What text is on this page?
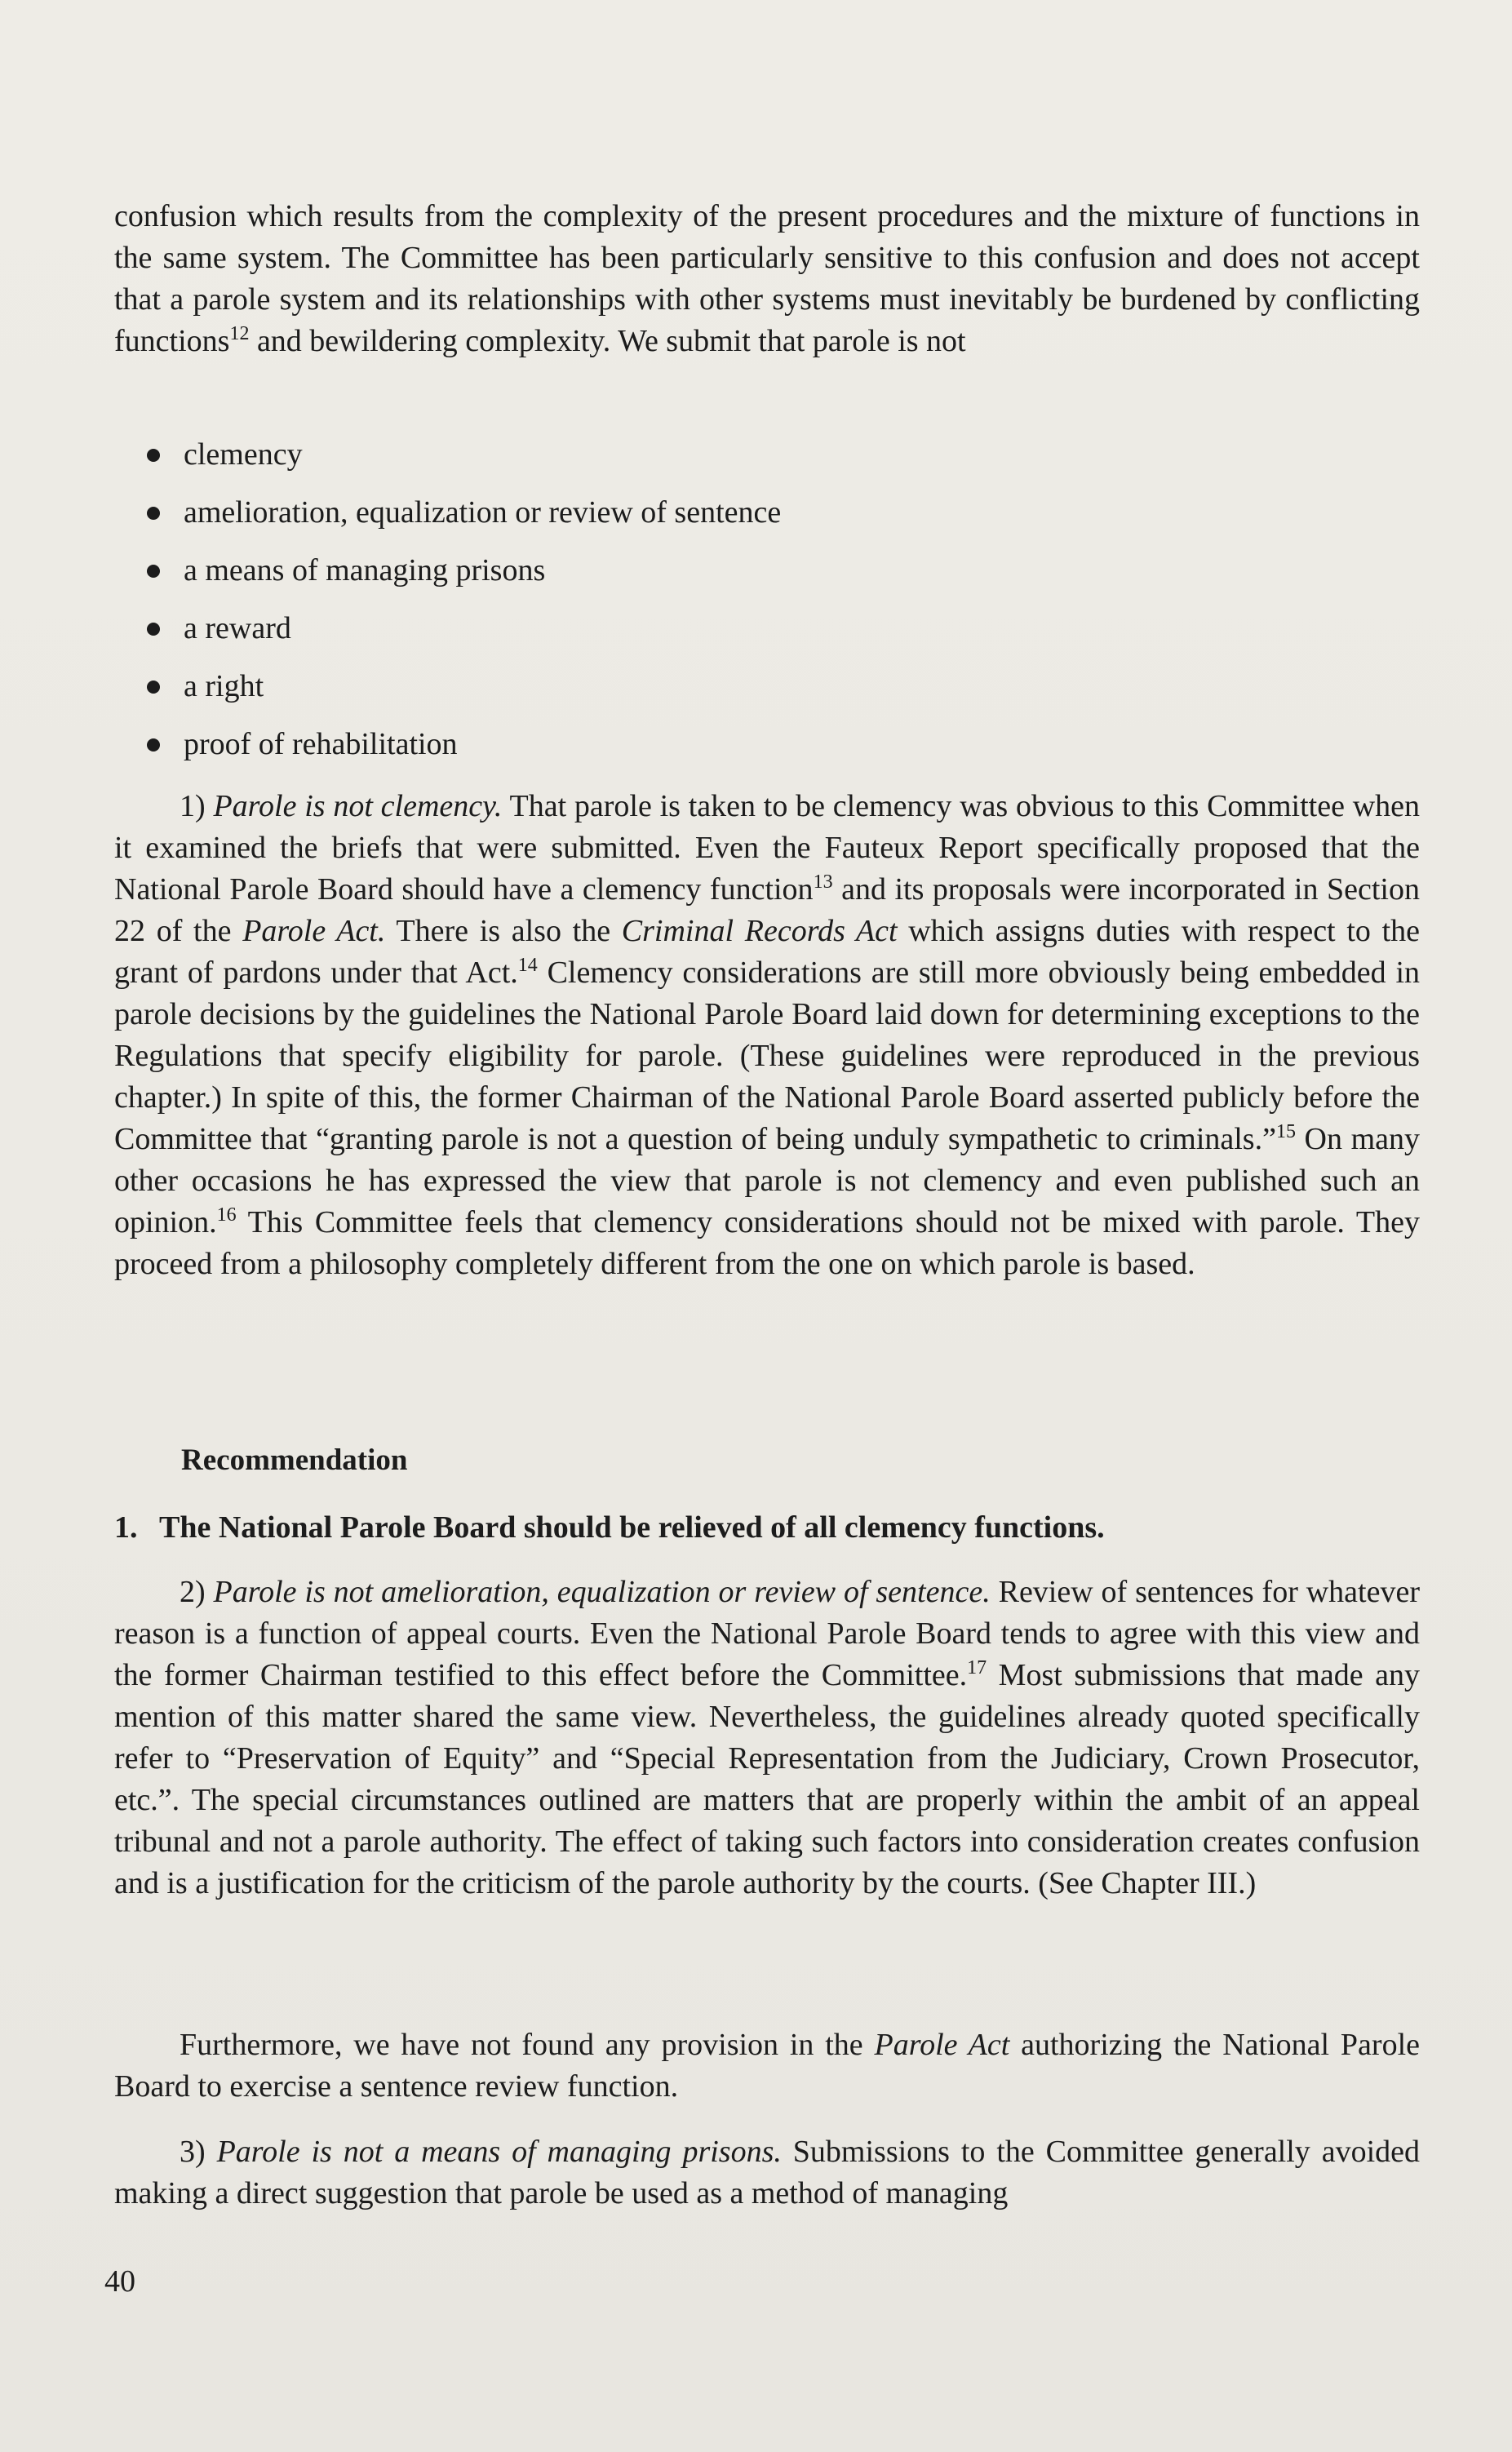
confusion which results from the complexity of the present procedures and the mixture of functions in the same system. The Committee has been particularly sensitive to this confusion and does not accept that a parole system and its relationships with other systems must inevitably be burdened by conflicting functions$^{12}$ and bewildering complexity. We submit that parole is not

clemency
amelioration, equalization or review of sentence
a means of managing prisons
a reward
a right
proof of rehabilitation

1) Parole is not clemency. That parole is taken to be clemency was obvious to this Committee when it examined the briefs that were submitted. Even the Fauteux Report specifically proposed that the National Parole Board should have a clemency function$^{13}$ and its proposals were incorporated in Section 22 of the Parole Act. There is also the Criminal Records Act which assigns duties with respect to the grant of pardons under that Act.$^{14}$ Clemency considerations are still more obviously being embedded in parole decisions by the guidelines the National Parole Board laid down for determining exceptions to the Regulations that specify eligibility for parole. (These guidelines were reproduced in the previous chapter.) In spite of this, the former Chairman of the National Parole Board asserted publicly before the Committee that “granting parole is not a question of being unduly sympathetic to criminals.”$^{15}$ On many other occasions he has expressed the view that parole is not clemency and even published such an opinion.$^{16}$ This Committee feels that clemency considerations should not be mixed with parole. They proceed from a philosophy completely different from the one on which parole is based.

Recommendation

1. The National Parole Board should be relieved of all clemency functions.

2) Parole is not amelioration, equalization or review of sentence. Review of sentences for whatever reason is a function of appeal courts. Even the National Parole Board tends to agree with this view and the former Chairman testified to this effect before the Committee.$^{17}$ Most submissions that made any mention of this matter shared the same view. Nevertheless, the guidelines already quoted specifically refer to “Preservation of Equity” and “Special Representation from the Judiciary, Crown Prosecutor, etc.”. The special circumstances outlined are matters that are properly within the ambit of an appeal tribunal and not a parole authority. The effect of taking such factors into consideration creates confusion and is a justification for the criticism of the parole authority by the courts. (See Chapter III.)

Furthermore, we have not found any provision in the Parole Act authorizing the National Parole Board to exercise a sentence review function.

3) Parole is not a means of managing prisons. Submissions to the Committee generally avoided making a direct suggestion that parole be used as a method of managing

40
